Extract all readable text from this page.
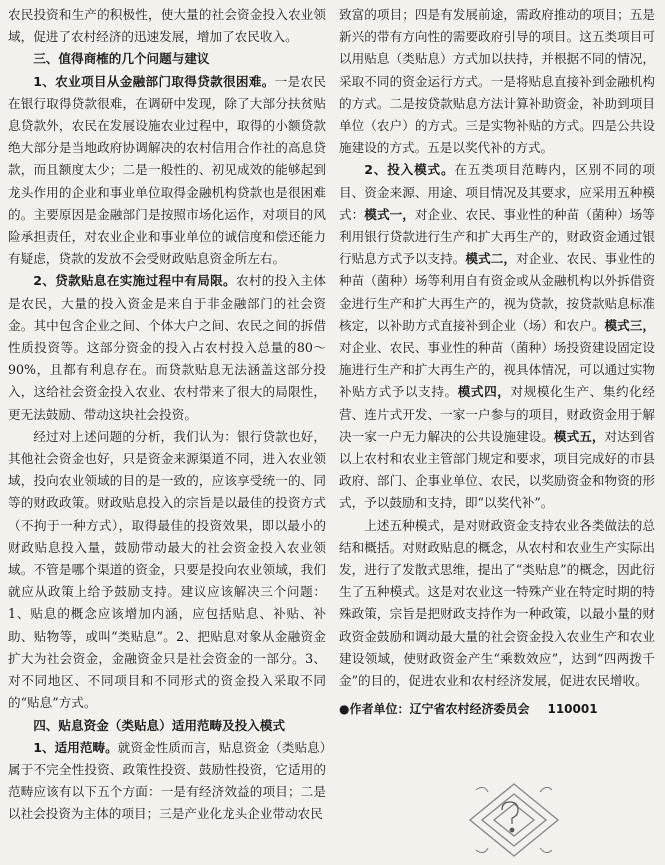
农民投资和生产的积极性，使大量的社会资金投入农业领域，促进了农村经济的迅速发展，增加了农民收入。

三、值得商榷的几个问题与建议

1、农业项目从金融部门取得贷款很困难。一是农民在银行取得贷款很难，在调研中发现，除了大部分扶贫贴息贷款外，农民在发展设施农业过程中，取得的小额贷款绝大部分是当地政府协调解决的农村信用合作社的高息贷款，而且额度太少；二是一般性的、初见成效的能够起到龙头作用的企业和事业单位取得金融机构贷款也是很困难的。主要原因是金融部门是按照市场化运作，对项目的风险承担责任，对农业企业和事业单位的诚信度和偿还能力有疑虑，贷款的发放不会受财政贴息资金所左右。

2、贷款贴息在实施过程中有局限。农村的投入主体是农民，大量的投入资金是来自于非金融部门的社会资金。其中包含企业之间、个体大户之间、农民之间的拆借性质投资等。这部分资金的投入占农村投入总量的80～90%，且都有利息存在。而贷款贴息无法涵盖这部分投入，这给社会资金投入农业、农村带来了很大的局限性，更无法鼓励、带动这块社会投资。

经过对上述问题的分析，我们认为：银行贷款也好，其他社会资金也好，只是资金来源渠道不同，进入农业领域，投向农业领域的目的是一致的，应该享受统一的、同等的财政政策。财政贴息投入的宗旨是以最佳的投资方式（不拘于一种方式），取得最佳的投资效果，即以最小的财政贴息投入量，鼓励带动最大的社会资金投入农业领域。不管是哪个渠道的资金，只要是投向农业领域，我们就应从政策上给予鼓励支持。建议应该解决三个问题：1、贴息的概念应该增加内涵，应包括贴息、补贴、补助、贴物等，或叫“类贴息”。2、把贴息对象从金融资金扩大为社会资金，金融资金只是社会资金的一部分。3、对不同地区、不同项目和不同形式的资金投入采取不同的“贴息”方式。

四、贴息资金（类贴息）适用范畴及投入模式

1、适用范畴。就资金性质而言，贴息资金（类贴息）属于不完全性投资、政策性投资、鼓励性投资，它适用的范畴应该有以下五个方面：一是有经济效益的项目；二是以社会投资为主体的项目；三是产业化龙头企业带动农民

致富的项目；四是有发展前途，需政府推动的项目；五是新兴的带有方向性的需要政府引导的项目。这五类项目可以用贴息（类贴息）方式加以扶持，并根据不同的情况，采取不同的资金运行方式。一是将贴息直接补到金融机构的方式。二是按贷款贴息方法计算补助资金，补助到项目单位（农户）的方式。三是实物补贴的方式。四是公共设施建设的方式。五是以奖代补的方式。

2、投入模式。在五类项目范畴内，区别不同的项目、资金来源、用途、项目情况及其要求，应采用五种模式：模式一，对企业、农民、事业性的种苗（菌种）场等利用银行贷款进行生产和扩大再生产的，财政资金通过银行贴息方式予以支持。模式二，对企业、农民、事业性的种苗（菌种）场等利用自有资金或从金融机构以外拆借资金进行生产和扩大再生产的，视为贷款，按贷款贴息标准核定，以补助方式直接补到企业（场）和农户。模式三，对企业、农民、事业性的种苗（菌种）场投资建设固定设施进行生产和扩大再生产的，视具体情况，可以通过实物补贴方式予以支持。模式四，对规模化生产、集约化经营、连片式开发、一家一户参与的项目，财政资金用于解决一家一户无力解决的公共设施建设。模式五，对达到省以上农村和农业主管部门规定和要求，项目完成好的市县政府、部门、企事业单位、农民，以奖励资金和物资的形式，予以鼓励和支持，即“以奖代补”。

上述五种模式，是对财政资金支持农业各类做法的总结和概括。对财政贴息的概念，从农村和农业生产实际出发，进行了发散式思维，提出了“类贴息”的概念，因此衍生了五种模式。这是对农业这一特殊产业在特定时期的特殊政策，宗旨是把财政支持作为一种政策，以最小量的财政资金鼓励和调动最大量的社会资金投入农业生产和农业建设领域，使财政资金产生“乘数效应”，达到“四两拨千金”的目的，促进农业和农村经济发展，促进农民增收。

●作者单位：辽宁省农村经济委员会 110001
